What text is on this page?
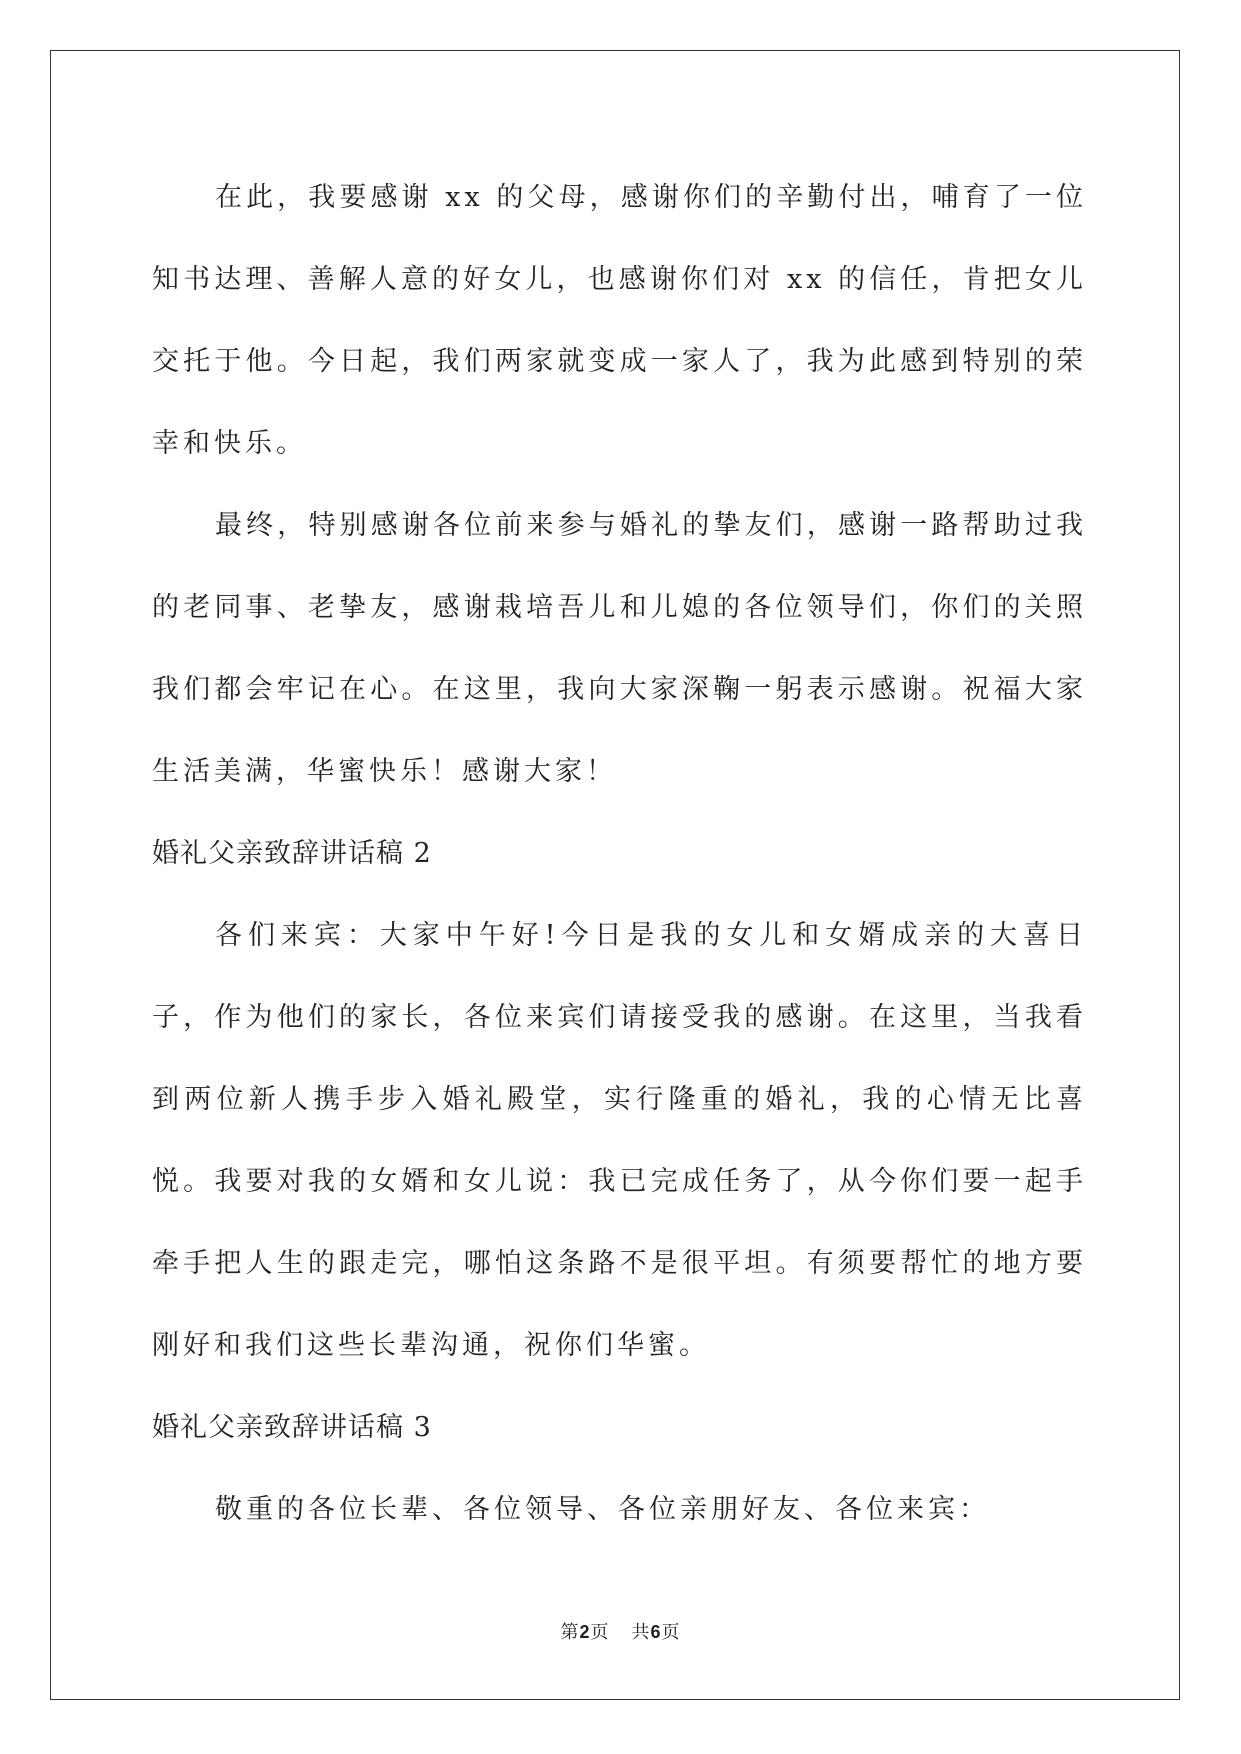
在此，我要感谢 xx 的父母，感谢你们的辛勤付出，哺育了一位知书达理、善解人意的好女儿，也感谢你们对 xx 的信任，肯把女儿交托于他。今日起，我们两家就变成一家人了，我为此感到特别的荣幸和快乐。

最终，特别感谢各位前来参与婚礼的挚友们，感谢一路帮助过我的老同事、老挚友，感谢栽培吾儿和儿媳的各位领导们，你们的关照我们都会牢记在心。在这里，我向大家深鞠一躬表示感谢。祝福大家生活美满，华蜜快乐！感谢大家！

婚礼父亲致辞讲话稿 2

各们来宾：大家中午好!今日是我的女儿和女婿成亲的大喜日子，作为他们的家长，各位来宾们请接受我的感谢。在这里，当我看到两位新人携手步入婚礼殿堂，实行隆重的婚礼，我的心情无比喜悦。我要对我的女婿和女儿说：我已完成任务了，从今你们要一起手牵手把人生的跟走完，哪怕这条路不是很平坦。有须要帮忙的地方要刚好和我们这些长辈沟通，祝你们华蜜。

婚礼父亲致辞讲话稿 3

敬重的各位长辈、各位领导、各位亲朋好友、各位来宾：

第2页 共6页
